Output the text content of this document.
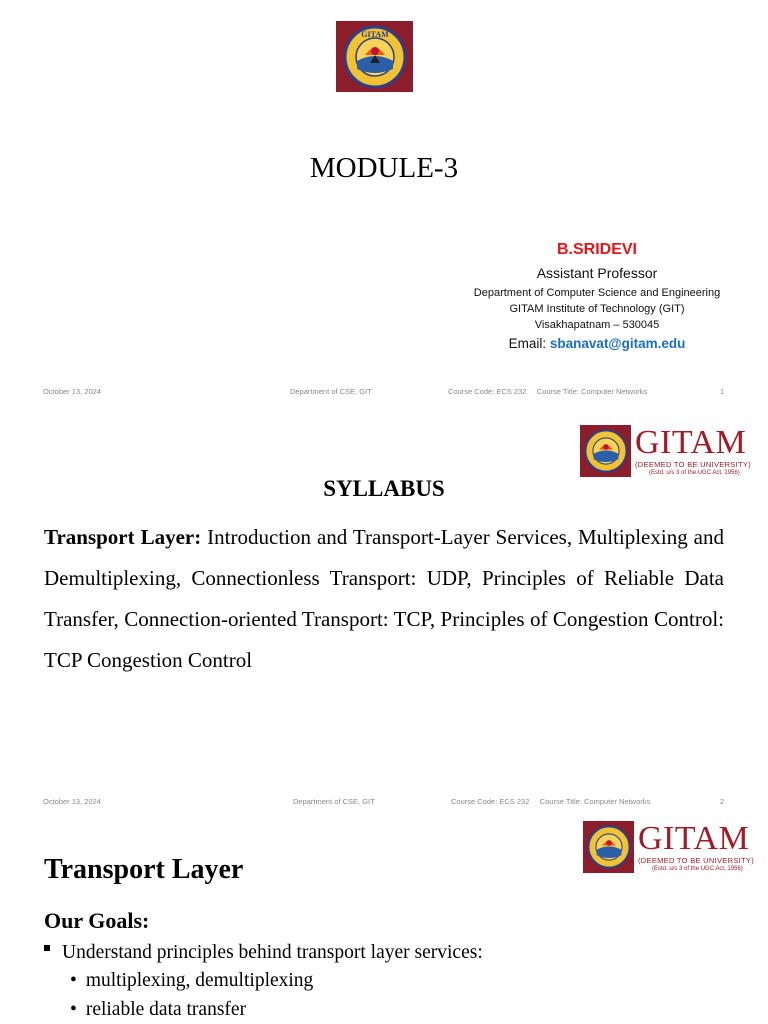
GITAM
MODULE-3
B.SRIDEVI
Assistant Professor
Department of Computer Science and Engineering
GITAM Institute of Technology (GIT)
Visakhapatnam – 530045
Email: sbanavat@gitam.edu
October 13, 2024	Department of CSE, GIT	Course Code: ECS 232     Course Title: Computer Networks	1
GITAM
(DEEMED TO BE UNIVERSITY)
(Estd. u/s 3 of the UGC Act, 1956)
SYLLABUS
Transport Layer: Introduction and Transport-Layer Services, Multiplexing and Demultiplexing, Connectionless Transport: UDP, Principles of Reliable Data Transfer, Connection-oriented Transport: TCP, Principles of Congestion Control: TCP Congestion Control
October 13, 2024	Department of CSE, GIT	Course Code: ECS 232     Course Title: Computer Networks	2
GITAM
(DEEMED TO BE UNIVERSITY)
(Estd. u/s 3 of the UGC Act, 1956)
Transport Layer
Our Goals:
Understand principles behind transport layer services:
• multiplexing, demultiplexing
• reliable data transfer
